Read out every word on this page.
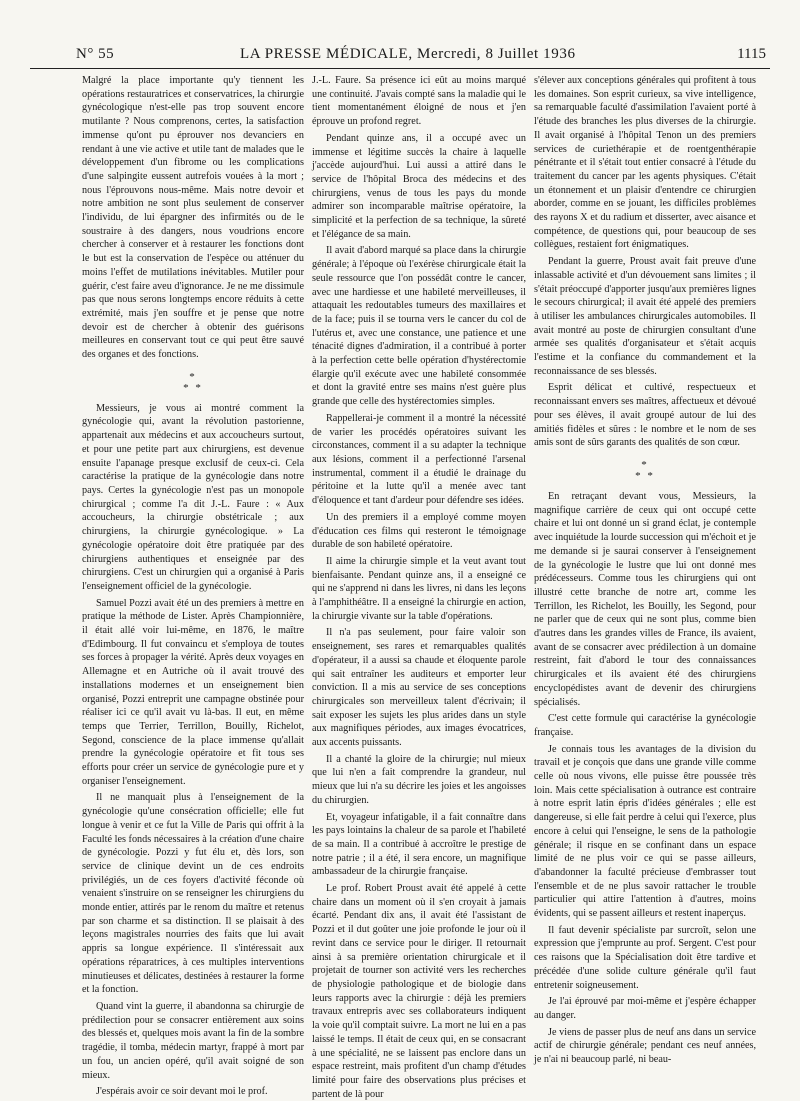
N° 55	LA PRESSE MÉDICALE, Mercredi, 8 Juillet 1936	1115

Malgré la place importante qu'y tiennent les opérations restauratrices et conservatrices, la chirurgie gynécologique n'est-elle pas trop souvent encore mutilante ? Nous comprenons, certes, la satisfaction immense qu'ont pu éprouver nos devanciers en rendant à une vie active et utile tant de malades que le développement d'un fibrome ou les complications d'une salpingite eussent autrefois vouées à la mort ; nous l'éprouvons nous-même. Mais notre devoir et notre ambition ne sont plus seulement de conserver l'individu, de lui épargner des infirmités ou de le soustraire à des dangers, nous voudrions encore chercher à conserver et à restaurer les fonctions dont le but est la conservation de l'espèce ou atténuer du moins l'effet de mutilations inévitables. Mutiler pour guérir, c'est faire aveu d'ignorance. Je ne me dissimule pas que nous serons longtemps encore réduits à cette extrémité, mais j'en souffre et je pense que notre devoir est de chercher à obtenir des guérisons meilleures en conservant tout ce qui peut être sauvé des organes et des fonctions.

*
* *

Messieurs, je vous ai montré comment la gynécologie qui, avant la révolution pastorienne, appartenait aux médecins et aux accoucheurs surtout, et pour une petite part aux chirurgiens, est devenue ensuite l'apanage presque exclusif de ceux-ci. Cela caractérise la pratique de la gynécologie dans notre pays. Certes la gynécologie n'est pas un monopole chirurgical ; comme l'a dit J.-L. Faure : « Aux accoucheurs, la chirurgie obstétricale ; aux chirurgiens, la chirurgie gynécologique. » La gynécologie opératoire doit être pratiquée par des chirurgiens authentiques et enseignée par des chirurgiens. C'est un chirurgien qui a organisé à Paris l'enseignement officiel de la gynécologie.

Samuel Pozzi avait été un des premiers à mettre en pratique la méthode de Lister. Après Championnière, il était allé voir lui-même, en 1876, le maître d'Edimbourg. Il fut convaincu et s'employa de toutes ses forces à propager la vérité. Après deux voyages en Allemagne et en Autriche où il avait trouvé des installations modernes et un enseignement bien organisé, Pozzi entreprit une campagne obstinée pour réaliser ici ce qu'il avait vu là-bas. Il eut, en même temps que Terrier, Terrillon, Bouilly, Richelot, Segond, conscience de la place immense qu'allait prendre la gynécologie opératoire et fit tous ses efforts pour créer un service de gynécologie pure et y organiser l'enseignement.

Il ne manquait plus à l'enseignement de la gynécologie qu'une consécration officielle; elle fut longue à venir et ce fut la Ville de Paris qui offrit à la Faculté les fonds nécessaires à la création d'une chaire de gynécologie. Pozzi y fut élu et, dès lors, son service de clinique devint un de ces endroits privilégiés, un de ces foyers d'activité féconde où venaient s'instruire on se renseigner les chirurgiens du monde entier, attirés par le renom du maître et retenus par son charme et sa distinction. Il se plaisait à des leçons magistrales nourries des faits que lui avait appris sa longue expérience. Il s'intéressait aux opérations réparatrices, à ces multiples interventions minutieuses et délicates, destinées à restaurer la forme et la fonction.

Quand vint la guerre, il abandonna sa chirurgie de prédilection pour se consacrer entièrement aux soins des blessés et, quelques mois avant la fin de la sombre tragédie, il tomba, médecin martyr, frappé à mort par un fou, un ancien opéré, qu'il avait soigné de son mieux.

J'espérais avoir ce soir devant moi le prof.

J.-L. Faure. Sa présence ici eût au moins marqué une continuité. J'avais compté sans la maladie qui le tient momentanément éloigné de nous et j'en éprouve un profond regret.

Pendant quinze ans, il a occupé avec un immense et légitime succès la chaire à laquelle j'accède aujourd'hui. Lui aussi a attiré dans le service de l'hôpital Broca des médecins et des chirurgiens, venus de tous les pays du monde admirer son incomparable maîtrise opératoire, la simplicité et la perfection de sa technique, la sûreté et l'élégance de sa main.

Il avait d'abord marqué sa place dans la chirurgie générale; à l'époque où l'exérèse chirurgicale était la seule ressource que l'on possédât contre le cancer, avec une hardiesse et une habileté merveilleuses, il attaquait les redoutables tumeurs des maxillaires et de la face; puis il se tourna vers le cancer du col de l'utérus et, avec une constance, une patience et une ténacité dignes d'admiration, il a contribué à porter à la perfection cette belle opération d'hystérectomie élargie qu'il exécute avec une habileté consommée et dont la gravité entre ses mains n'est guère plus grande que celle des hystérectomies simples.

Rappellerai-je comment il a montré la nécessité de varier les procédés opératoires suivant les circonstances, comment il a su adapter la technique aux lésions, comment il a perfectionné l'arsenal instrumental, comment il a étudié le drainage du péritoine et la lutte qu'il a menée avec tant d'éloquence et tant d'ardeur pour défendre ses idées.

Un des premiers il a employé comme moyen d'éducation ces films qui resteront le témoignage durable de son habileté opératoire.

Il aime la chirurgie simple et la veut avant tout bienfaisante. Pendant quinze ans, il a enseigné ce qui ne s'apprend ni dans les livres, ni dans les leçons à l'amphithéâtre. Il a enseigné la chirurgie en action, la chirurgie vivante sur la table d'opérations.

Il n'a pas seulement, pour faire valoir son enseignement, ses rares et remarquables qualités d'opérateur, il a aussi sa chaude et éloquente parole qui sait entraîner les auditeurs et emporter leur conviction. Il a mis au service de ses conceptions chirurgicales son merveilleux talent d'écrivain; il sait exposer les sujets les plus arides dans un style aux magnifiques périodes, aux images évocatrices, aux accents puissants.

Il a chanté la gloire de la chirurgie; nul mieux que lui n'en a fait comprendre la grandeur, nul mieux que lui n'a su décrire les joies et les angoisses du chirurgien.

Et, voyageur infatigable, il a fait connaître dans les pays lointains la chaleur de sa parole et l'habileté de sa main. Il a contribué à accroître le prestige de notre patrie ; il a été, il sera encore, un magnifique ambassadeur de la chirurgie française.

Le prof. Robert Proust avait été appelé à cette chaire dans un moment où il s'en croyait à jamais écarté. Pendant dix ans, il avait été l'assistant de Pozzi et il dut goûter une joie profonde le jour où il revint dans ce service pour le diriger. Il retournait ainsi à sa première orientation chirurgicale et il projetait de tourner son activité vers les recherches de physiologie pathologique et de biologie dans leurs rapports avec la chirurgie : déjà les premiers travaux entrepris avec ses collaborateurs indiquent la voie qu'il comptait suivre. La mort ne lui en a pas laissé le temps. Il était de ceux qui, en se consacrant à une spécialité, ne se laissent pas enclore dans un espace restreint, mais profitent d'un champ d'études limité pour faire des observations plus précises et partent de là pour

s'élever aux conceptions générales qui profitent à tous les domaines. Son esprit curieux, sa vive intelligence, sa remarquable faculté d'assimilation l'avaient porté à l'étude des branches les plus diverses de la chirurgie. Il avait organisé à l'hôpital Tenon un des premiers services de curiethérapie et de roentgenthérapie pénétrante et il s'était tout entier consacré à l'étude du traitement du cancer par les agents physiques. C'était un étonnement et un plaisir d'entendre ce chirurgien aborder, comme en se jouant, les difficiles problèmes des rayons X et du radium et disserter, avec aisance et compétence, de questions qui, pour beaucoup de ses collègues, restaient fort énigmatiques.

Pendant la guerre, Proust avait fait preuve d'une inlassable activité et d'un dévouement sans limites ; il s'était préoccupé d'apporter jusqu'aux premières lignes le secours chirurgical; il avait été appelé des premiers à utiliser les ambulances chirurgicales automobiles. Il avait montré au poste de chirurgien consultant d'une armée ses qualités d'organisateur et s'était acquis l'estime et la confiance du commandement et la reconnaissance de ses blessés.

Esprit délicat et cultivé, respectueux et reconnaissant envers ses maîtres, affectueux et dévoué pour ses élèves, il avait groupé autour de lui des amitiés fidèles et sûres : le nombre et le nom de ses amis sont de sûrs garants des qualités de son cœur.

*
* *

En retraçant devant vous, Messieurs, la magnifique carrière de ceux qui ont occupé cette chaire et lui ont donné un si grand éclat, je contemple avec inquiétude la lourde succession qui m'échoit et je me demande si je saurai conserver à l'enseignement de la gynécologie le lustre que lui ont donné mes prédécesseurs. Comme tous les chirurgiens qui ont illustré cette branche de notre art, comme les Terrillon, les Richelot, les Bouilly, les Segond, pour ne parler que de ceux qui ne sont plus, comme bien d'autres dans les grandes villes de France, ils avaient, avant de se consacrer avec prédilection à un domaine restreint, fait d'abord le tour des connaissances chirurgicales et ils avaient été des chirurgiens encyclopédistes avant de devenir des chirurgiens spécialisés.

C'est cette formule qui caractérise la gynécologie française.

Je connais tous les avantages de la division du travail et je conçois que dans une grande ville comme celle où nous vivons, elle puisse être poussée très loin. Mais cette spécialisation à outrance est contraire à notre esprit latin épris d'idées générales ; elle est dangereuse, si elle fait perdre à celui qui l'exerce, plus encore à celui qui l'enseigne, le sens de la pathologie générale; il risque en se confinant dans un espace limité de ne plus voir ce qui se passe ailleurs, d'abandonner la faculté précieuse d'embrasser tout l'ensemble et de ne plus savoir rattacher le trouble particulier qui attire l'attention à d'autres, moins évidents, qui se passent ailleurs et restent inaperçus.

Il faut devenir spécialiste par surcroît, selon une expression que j'emprunte au prof. Sergent. C'est pour ces raisons que la Spécialisation doit être tardive et précédée d'une solide culture générale qu'il faut entretenir soigneusement.

Je l'ai éprouvé par moi-même et j'espère échapper au danger.

Je viens de passer plus de neuf ans dans un service actif de chirurgie générale; pendant ces neuf années, je n'ai ni beaucoup parlé, ni beau-
